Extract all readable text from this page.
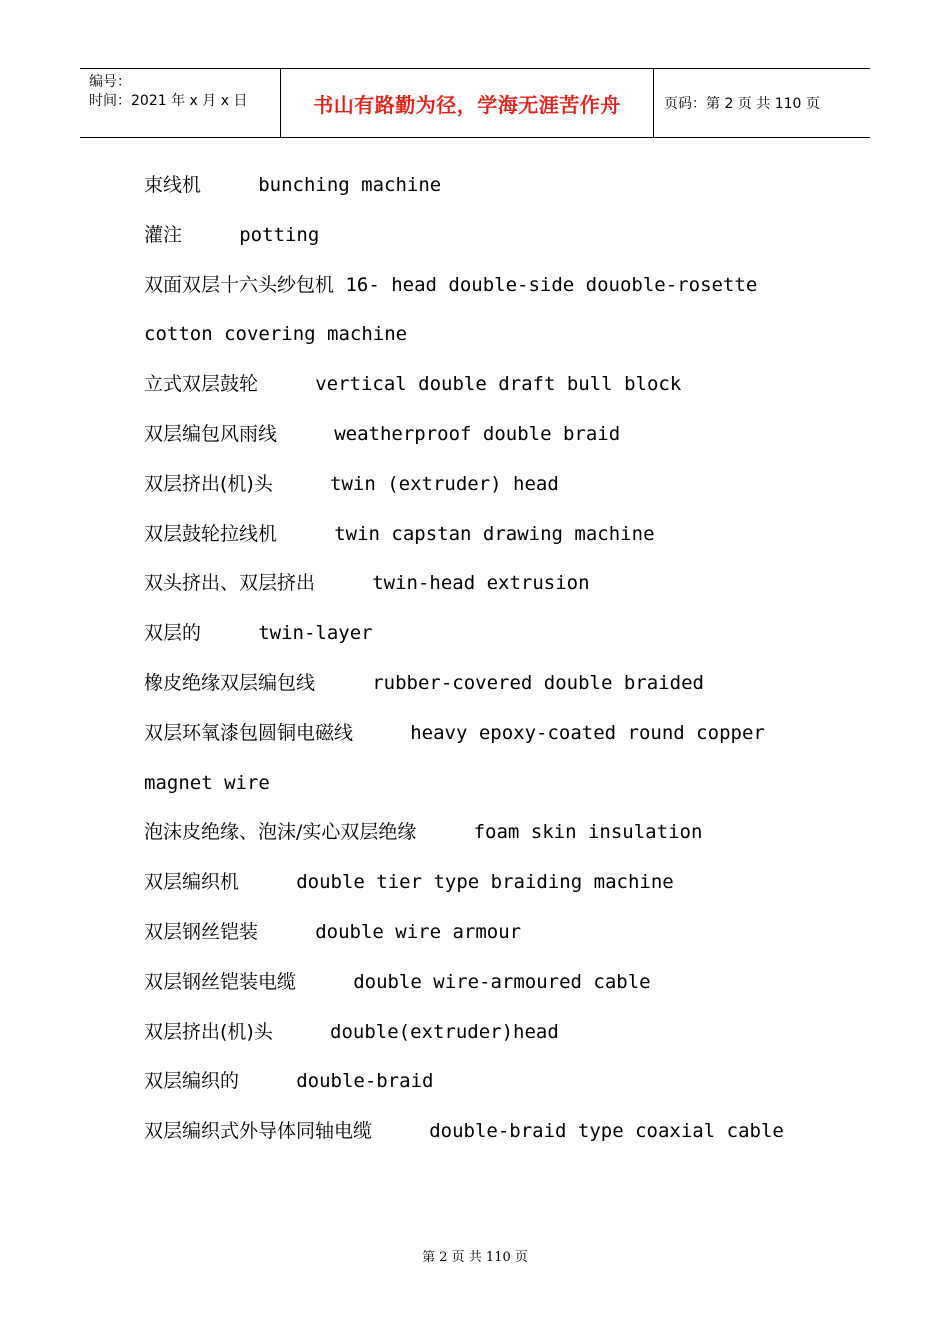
编号：
时间：2021 年 x 月 x 日	书山有路勤为径，学海无涯苦作舟	页码：第 2 页 共 110 页
束线机     bunching machine
灌注     potting
双面双层十六头纱包机 16- head double-side douoble-rosette
cotton covering machine
立式双层鼓轮     vertical double draft bull block
双层编包风雨线     weatherproof double braid
双层挤出(机)头     twin (extruder) head
双层鼓轮拉线机     twin capstan drawing machine
双头挤出、双层挤出     twin-head extrusion
双层的     twin-layer
橡皮绝缘双层编包线     rubber-covered double braided
双层环氧漆包圆铜电磁线     heavy epoxy-coated round copper
magnet wire
泡沫皮绝缘、泡沫/实心双层绝缘     foam skin insulation
双层编织机     double tier type braiding machine
双层钢丝铠装     double wire armour
双层钢丝铠装电缆     double wire-armoured cable
双层挤出(机)头     double(extruder)head
双层编织的     double-braid
双层编织式外导体同轴电缆     double-braid type coaxial cable
第 2 页 共 110 页
